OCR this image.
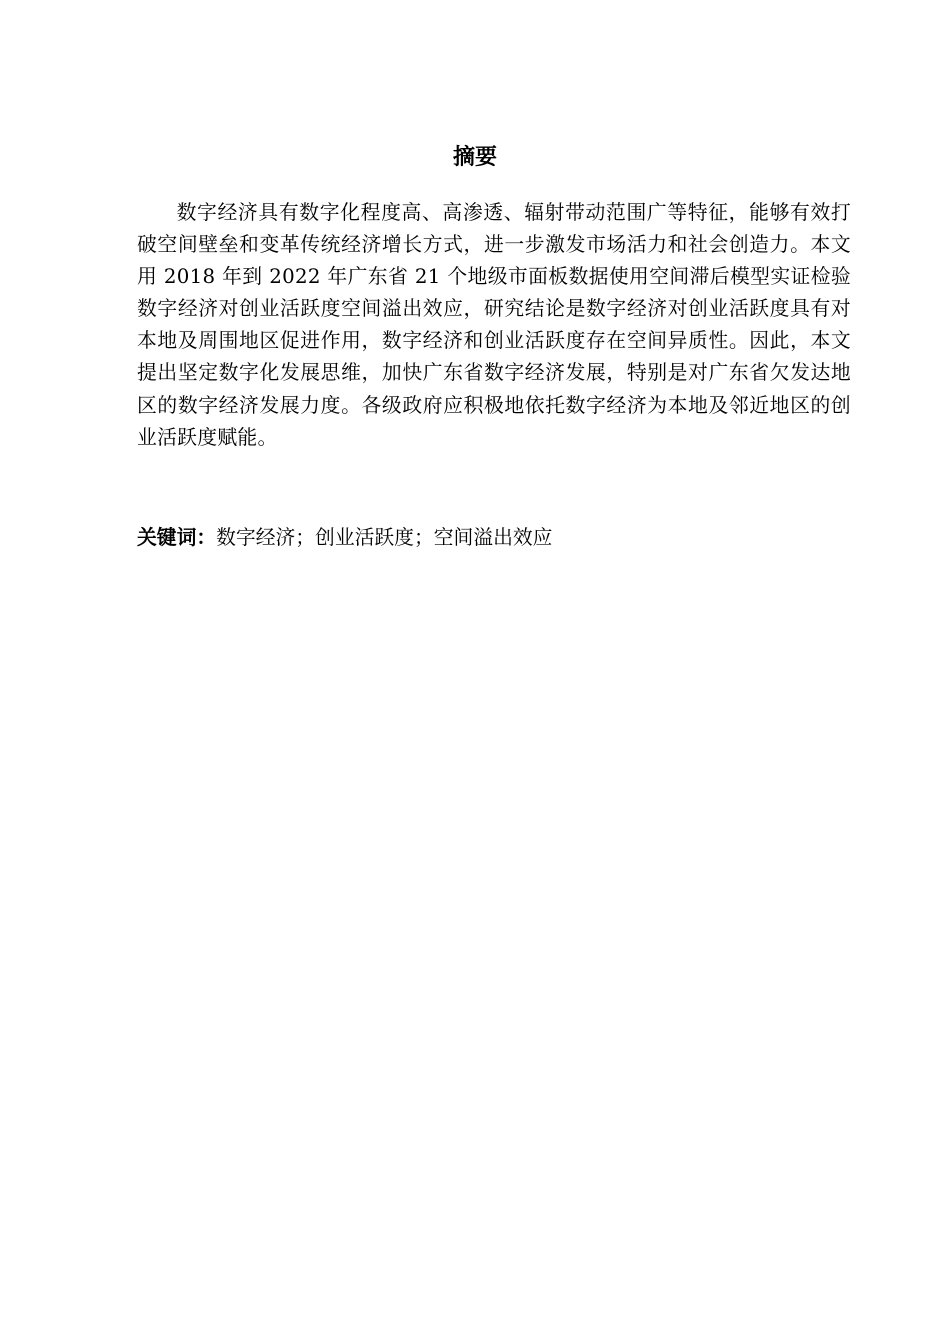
摘要

数字经济具有数字化程度高、高渗透、辐射带动范围广等特征，能够有效打破空间壁垒和变革传统经济增长方式，进一步激发市场活力和社会创造力。本文用 2018 年到 2022 年广东省 21 个地级市面板数据使用空间滞后模型实证检验数字经济对创业活跃度空间溢出效应，研究结论是数字经济对创业活跃度具有对本地及周围地区促进作用，数字经济和创业活跃度存在空间异质性。因此，本文提出坚定数字化发展思维，加快广东省数字经济发展，特别是对广东省欠发达地区的数字经济发展力度。各级政府应积极地依托数字经济为本地及邻近地区的创业活跃度赋能。

关键词：数字经济；创业活跃度；空间溢出效应
